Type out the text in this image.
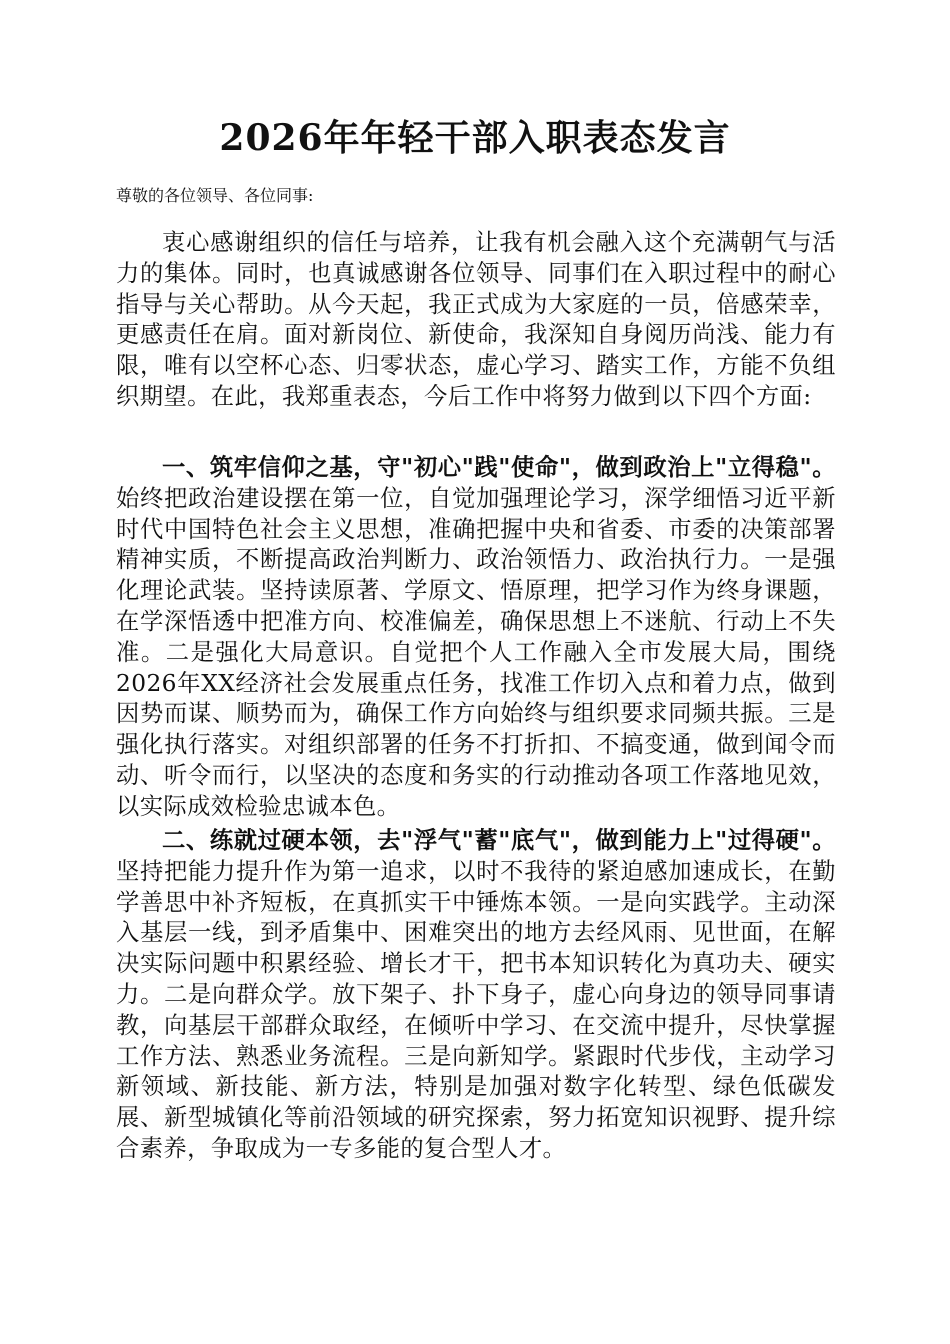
2026年年轻干部入职表态发言

尊敬的各位领导、各位同事:

衷心感谢组织的信任与培养，让我有机会融入这个充满朝气与活力的集体。同时，也真诚感谢各位领导、同事们在入职过程中的耐心指导与关心帮助。从今天起，我正式成为大家庭的一员，倍感荣幸，更感责任在肩。面对新岗位、新使命，我深知自身阅历尚浅、能力有限，唯有以空杯心态、归零状态，虚心学习、踏实工作，方能不负组织期望。在此，我郑重表态，今后工作中将努力做到以下四个方面:

一、筑牢信仰之基，守"初心"践"使命"，做到政治上"立得稳"。始终把政治建设摆在第一位，自觉加强理论学习，深学细悟习近平新时代中国特色社会主义思想，准确把握中央和省委、市委的决策部署精神实质，不断提高政治判断力、政治领悟力、政治执行力。一是强化理论武装。坚持读原著、学原文、悟原理，把学习作为终身课题，在学深悟透中把准方向、校准偏差，确保思想上不迷航、行动上不失准。二是强化大局意识。自觉把个人工作融入全市发展大局，围绕2026年XX经济社会发展重点任务，找准工作切入点和着力点，做到因势而谋、顺势而为，确保工作方向始终与组织要求同频共振。三是强化执行落实。对组织部署的任务不打折扣、不搞变通，做到闻令而动、听令而行，以坚决的态度和务实的行动推动各项工作落地见效，以实际成效检验忠诚本色。

二、练就过硬本领，去"浮气"蓄"底气"，做到能力上"过得硬"。坚持把能力提升作为第一追求，以时不我待的紧迫感加速成长，在勤学善思中补齐短板，在真抓实干中锤炼本领。一是向实践学。主动深入基层一线，到矛盾集中、困难突出的地方去经风雨、见世面，在解决实际问题中积累经验、增长才干，把书本知识转化为真功夫、硬实力。二是向群众学。放下架子、扑下身子，虚心向身边的领导同事请教，向基层干部群众取经，在倾听中学习、在交流中提升，尽快掌握工作方法、熟悉业务流程。三是向新知学。紧跟时代步伐，主动学习新领域、新技能、新方法，特别是加强对数字化转型、绿色低碳发展、新型城镇化等前沿领域的研究探索，努力拓宽知识视野、提升综合素养，争取成为一专多能的复合型人才。
